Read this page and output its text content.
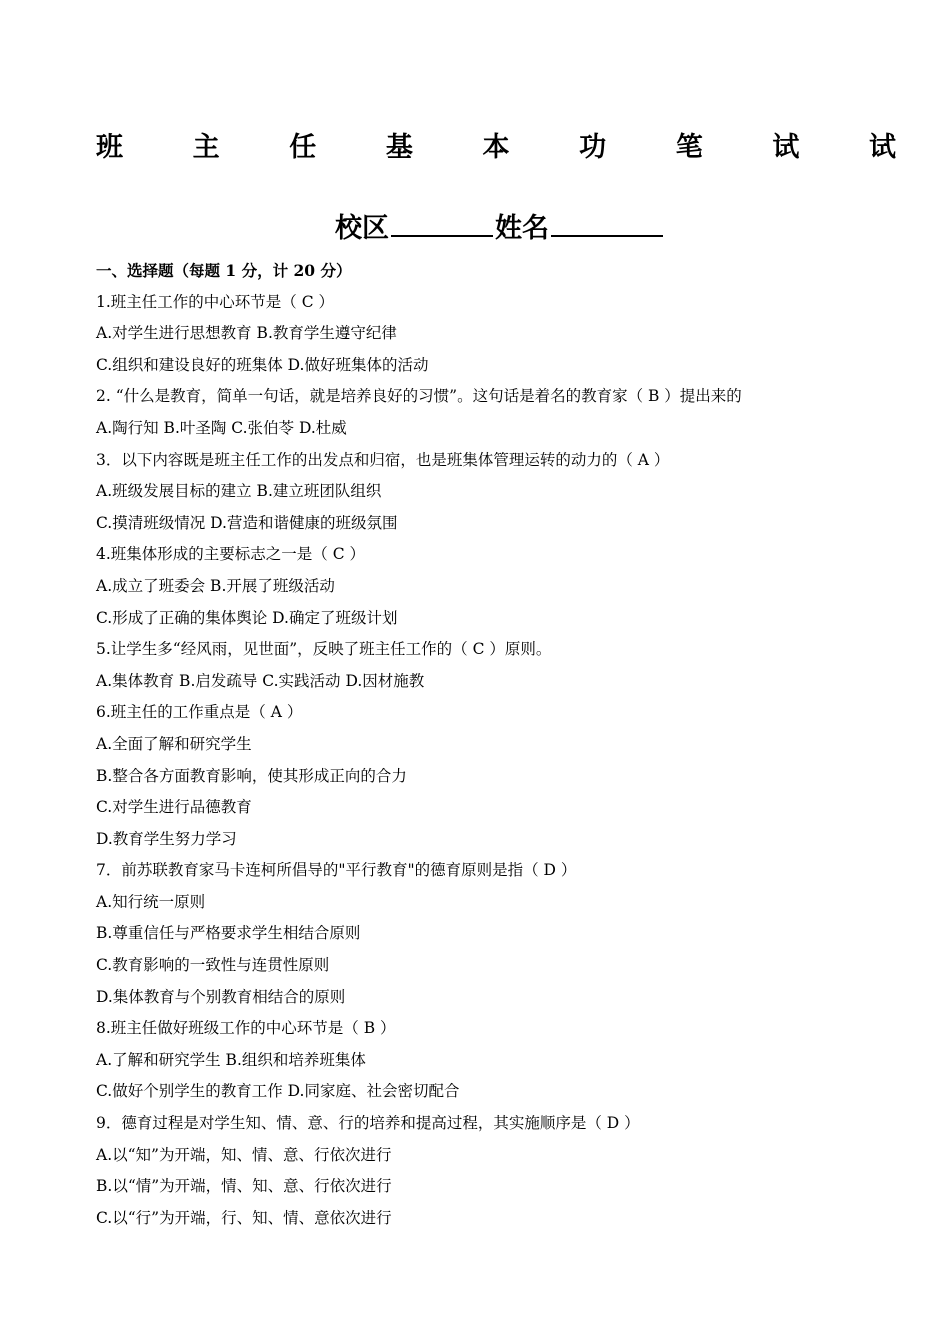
班	主	任	基	本	功	笔	试	试
校区	姓名
一、选择题（每题 1 分，计 20 分）
1.班主任工作的中心环节是（ C ）
A.对学生进行思想教育 B.教育学生遵守纪律
C.组织和建设良好的班集体 D.做好班集体的活动
2. “什么是教育，简单一句话，就是培养良好的习惯”。这句话是着名的教育家（ B ）提出来的
A.陶行知 B.叶圣陶 C.张伯苓 D.杜威
3．以下内容既是班主任工作的出发点和归宿，也是班集体管理运转的动力的（ A ）
A.班级发展目标的建立 B.建立班团队组织
C.摸清班级情况 D.营造和谐健康的班级氛围
4.班集体形成的主要标志之一是（ C ）
A.成立了班委会 B.开展了班级活动
C.形成了正确的集体舆论 D.确定了班级计划
5.让学生多“经风雨，见世面”，反映了班主任工作的（ C ）原则。
A.集体教育 B.启发疏导 C.实践活动 D.因材施教
6.班主任的工作重点是（ A ）
A.全面了解和研究学生
B.整合各方面教育影响，使其形成正向的合力
C.对学生进行品德教育
D.教育学生努力学习
7．前苏联教育家马卡连柯所倡导的"平行教育"的德育原则是指（ D ）
A.知行统一原则
B.尊重信任与严格要求学生相结合原则
C.教育影响的一致性与连贯性原则
D.集体教育与个别教育相结合的原则
8.班主任做好班级工作的中心环节是（ B ）
A.了解和研究学生 B.组织和培养班集体
C.做好个别学生的教育工作 D.同家庭、社会密切配合
9．德育过程是对学生知、情、意、行的培养和提高过程，其实施顺序是（ D ）
A.以“知”为开端，知、情、意、行依次进行
B.以“情”为开端，情、知、意、行依次进行
C.以“行”为开端，行、知、情、意依次进行
